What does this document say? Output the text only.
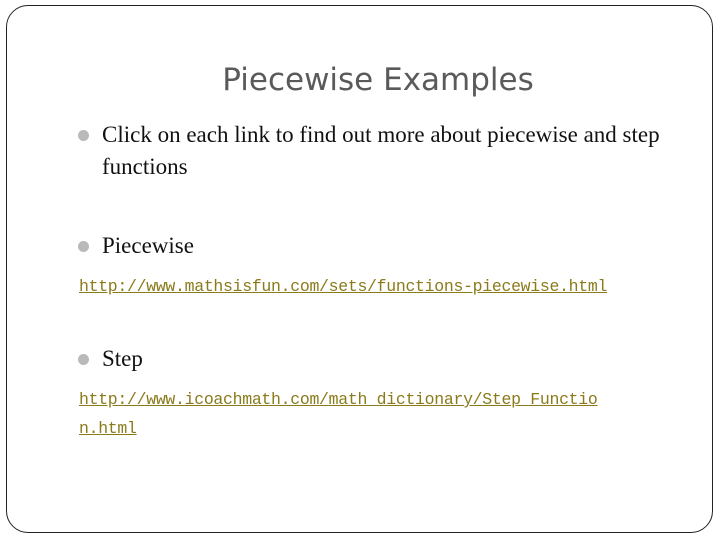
Piecewise Examples
Click on each link to find out more about piecewise and step functions
Piecewise
http://www.mathsisfun.com/sets/functions-piecewise.html
Step
http://www.icoachmath.com/math_dictionary/Step_Functio
n.html
